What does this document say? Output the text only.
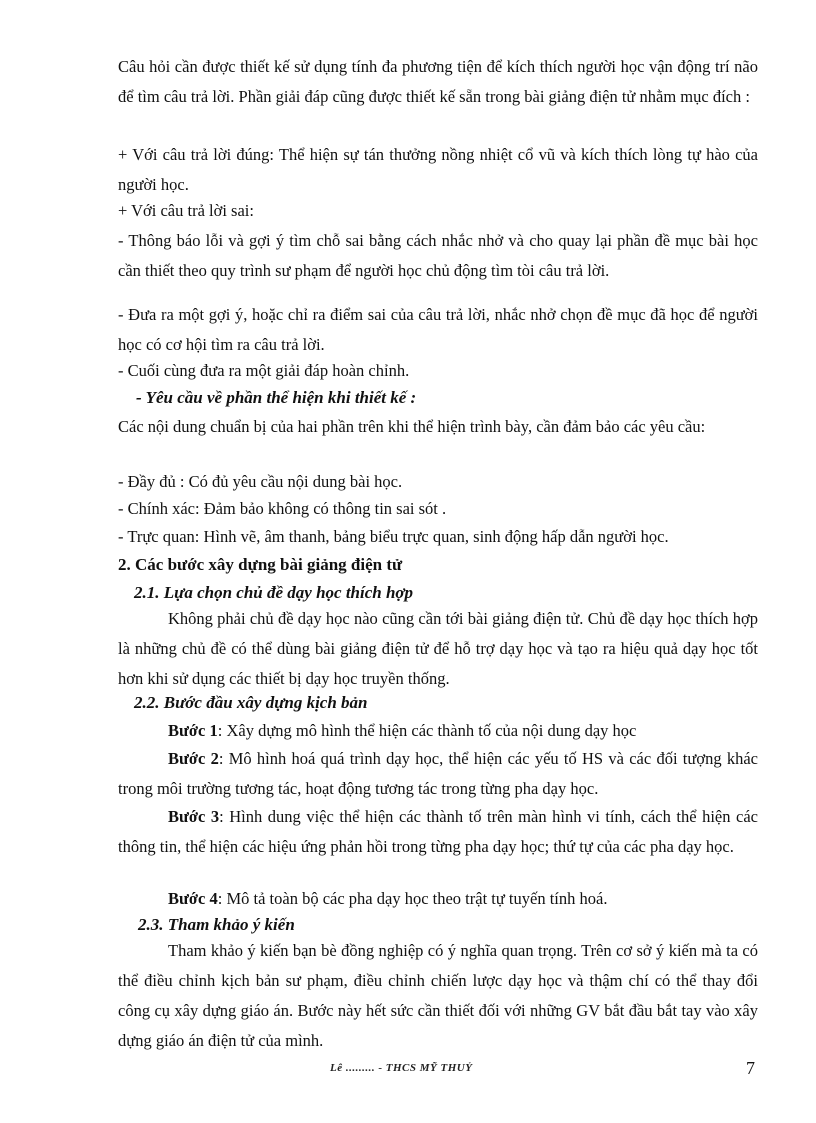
Câu hỏi cần được thiết kế sử dụng tính đa phương tiện để kích thích người học vận động trí não để tìm câu trả lời. Phần giải đáp cũng được thiết kế sẵn trong bài giảng điện tử nhằm mục đích :
+ Với câu trả lời đúng: Thể hiện sự tán thưởng nồng nhiệt cổ vũ và kích thích lòng tự hào của người học.
+ Với câu trả lời sai:
- Thông báo lỗi và gợi ý tìm chỗ sai bằng cách nhắc nhở và cho quay lại phần đề mục bài học cần thiết theo quy trình sư phạm để người học chủ động tìm tòi câu trả lời.
- Đưa ra một gợi ý, hoặc chỉ ra điểm sai của câu trả lời, nhắc nhở chọn đề mục đã học để người học có cơ hội tìm ra câu trả lời.
- Cuối cùng đưa ra một giải đáp hoàn chỉnh.
- Yêu cầu về phần thể hiện khi thiết kế :
Các nội dung chuẩn bị của hai phần trên khi thể hiện trình bày, cần đảm bảo các yêu cầu:
- Đầy đủ : Có đủ yêu cầu nội dung bài học.
- Chính xác: Đảm bảo không có thông tin sai sót .
- Trực quan: Hình vẽ, âm thanh, bảng biểu trực quan, sinh động hấp dẫn người học.
2. Các bước xây dựng bài giảng điện tử
2.1. Lựa chọn chủ đề dạy học thích hợp
Không phải chủ đề dạy học nào cũng cần tới bài giảng điện tử. Chủ đề dạy học thích hợp là những chủ đề có thể dùng bài giảng điện tử để hỗ trợ dạy học và tạo ra hiệu quả dạy học tốt hơn khi sử dụng các thiết bị dạy học truyền thống.
2.2. Bước đầu xây dựng kịch bản
Bước 1: Xây dựng mô hình thể hiện các thành tố của nội dung dạy học
Bước 2: Mô hình hoá quá trình dạy học, thể hiện các yếu tố HS và các đối tượng khác trong môi trường tương tác, hoạt động tương tác trong từng pha dạy học.
Bước 3: Hình dung việc thể hiện các thành tố trên màn hình vi tính, cách thể hiện các thông tin, thể hiện các hiệu ứng phản hồi trong từng pha dạy học; thứ tự của các pha dạy học.
Bước 4: Mô tả toàn bộ các pha dạy học theo trật tự tuyến tính hoá.
2.3. Tham khảo ý kiến
Tham khảo ý kiến bạn bè đồng nghiệp có ý nghĩa quan trọng. Trên cơ sở ý kiến mà ta có thể điều chỉnh kịch bản sư phạm, điều chỉnh chiến lược dạy học và thậm chí có thể thay đổi công cụ xây dựng giáo án. Bước này hết sức cần thiết đối với những GV bắt đầu bắt tay vào xây dựng giáo án điện tử của mình.
Lê ......... - THCS MỸ THUỶ	7
